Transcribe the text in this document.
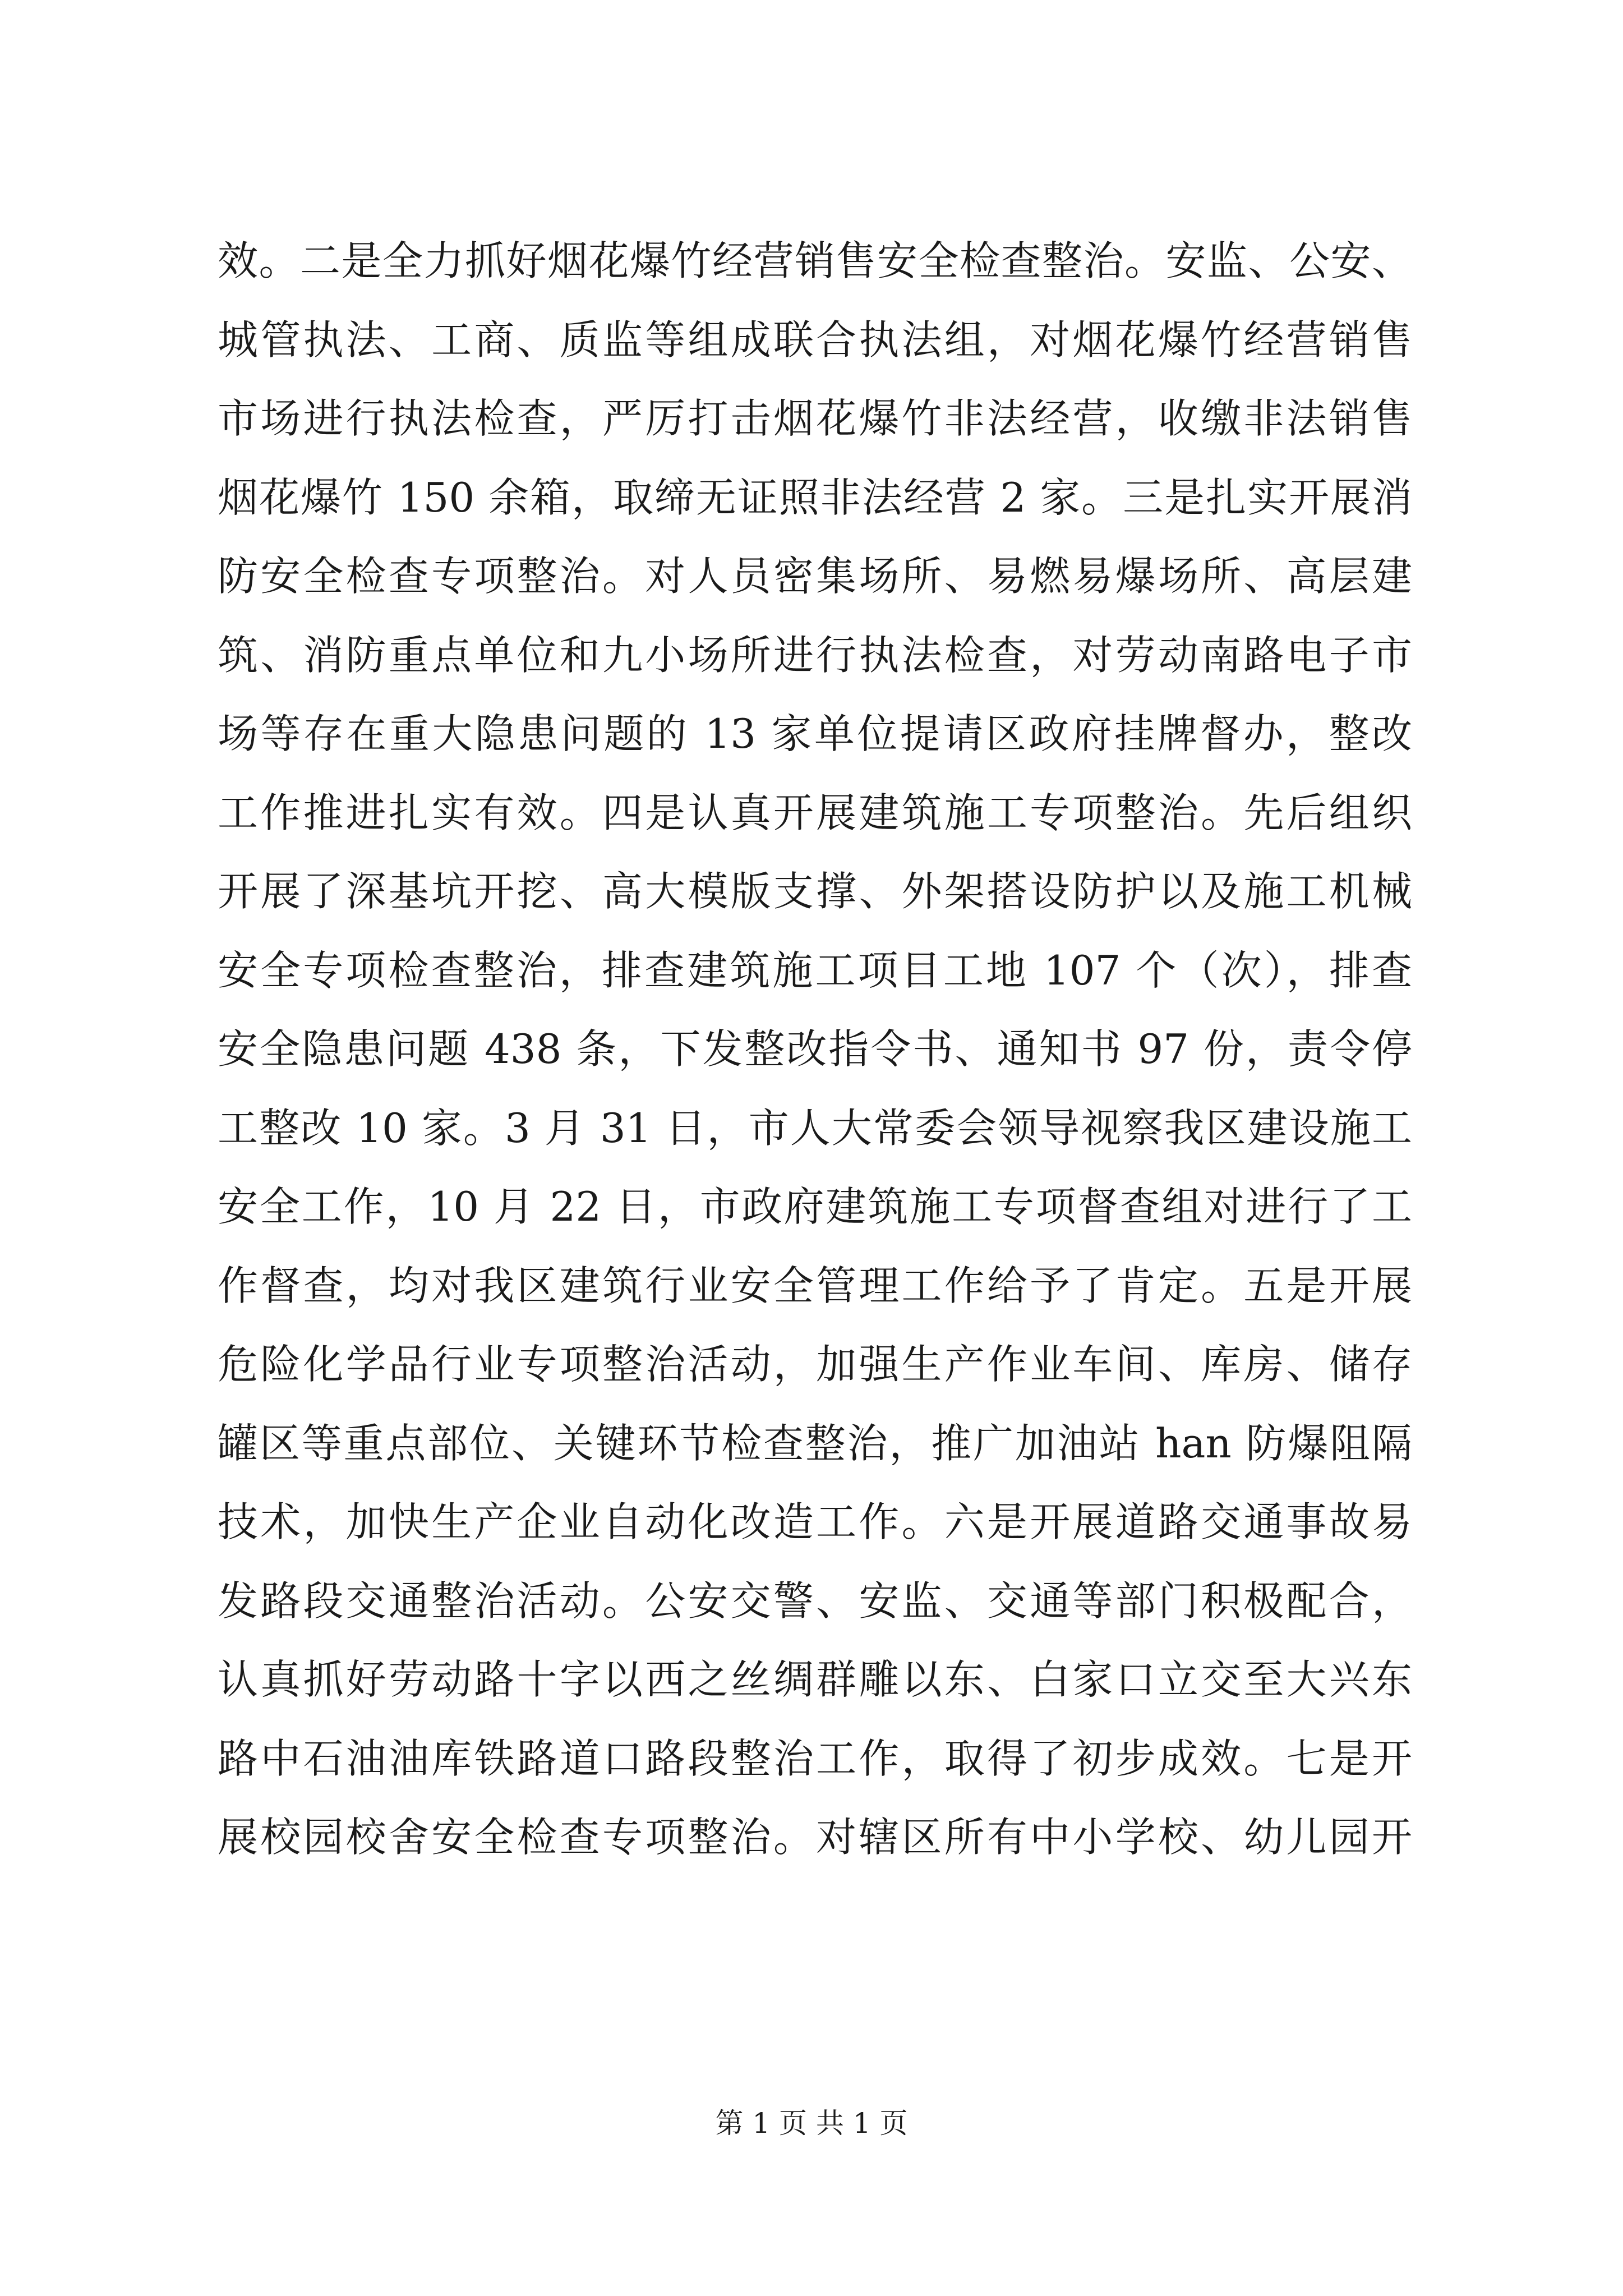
效。二是全力抓好烟花爆竹经营销售安全检查整治。安监、公安、
城管执法、工商、质监等组成联合执法组，对烟花爆竹经营销售
市场进行执法检查，严厉打击烟花爆竹非法经营，收缴非法销售
烟花爆竹 150 余箱，取缔无证照非法经营 2 家。三是扎实开展消
防安全检查专项整治。对人员密集场所、易燃易爆场所、高层建
筑、消防重点单位和九小场所进行执法检查，对劳动南路电子市
场等存在重大隐患问题的 13 家单位提请区政府挂牌督办，整改
工作推进扎实有效。四是认真开展建筑施工专项整治。先后组织
开展了深基坑开挖、高大模版支撑、外架搭设防护以及施工机械
安全专项检查整治，排查建筑施工项目工地 107 个（次），排查
安全隐患问题 438 条，下发整改指令书、通知书 97 份，责令停
工整改 10 家。3 月 31 日，市人大常委会领导视察我区建设施工
安全工作，10 月 22 日，市政府建筑施工专项督查组对进行了工
作督查，均对我区建筑行业安全管理工作给予了肯定。五是开展
危险化学品行业专项整治活动，加强生产作业车间、库房、储存
罐区等重点部位、关键环节检查整治，推广加油站 han 防爆阻隔
技术，加快生产企业自动化改造工作。六是开展道路交通事故易
发路段交通整治活动。公安交警、安监、交通等部门积极配合，
认真抓好劳动路十字以西之丝绸群雕以东、白家口立交至大兴东
路中石油油库铁路道口路段整治工作，取得了初步成效。七是开
展校园校舍安全检查专项整治。对辖区所有中小学校、幼儿园开
第 1 页 共 1 页
